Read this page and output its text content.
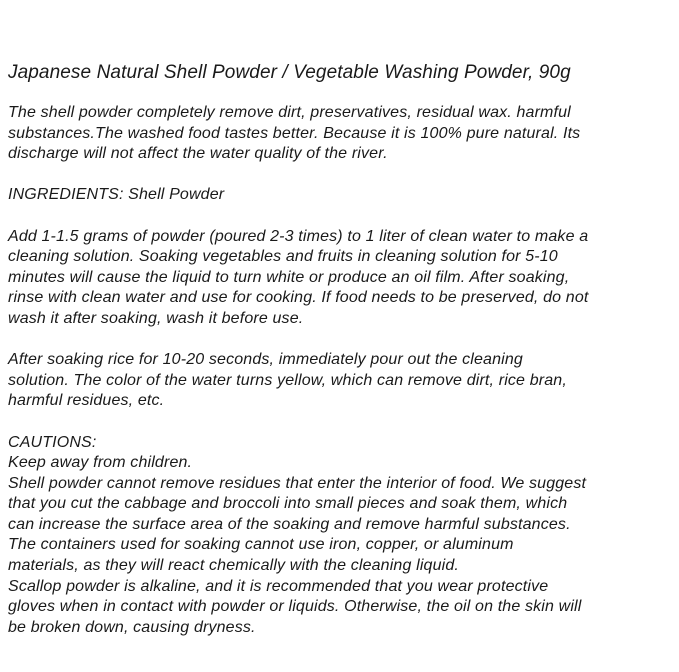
Japanese Natural Shell Powder / Vegetable Washing Powder, 90g
The shell powder completely remove dirt, preservatives, residual wax. harmful
substances.The washed food tastes better. Because it is 100% pure natural. Its
discharge will not affect the water quality of the river.
INGREDIENTS: Shell Powder
Add 1-1.5 grams of powder (poured 2-3 times) to 1 liter of clean water to make a
cleaning solution. Soaking vegetables and fruits in cleaning solution for 5-10
minutes will cause the liquid to turn white or produce an oil film. After soaking,
rinse with clean water and use for cooking. If food needs to be preserved, do not
wash it after soaking, wash it before use.
After soaking rice for 10-20 seconds, immediately pour out the cleaning
solution. The color of the water turns yellow, which can remove dirt, rice bran,
harmful residues, etc.
CAUTIONS:
Keep away from children.
Shell powder cannot remove residues that enter the interior of food. We suggest
that you cut the cabbage and broccoli into small pieces and soak them, which
can increase the surface area of the soaking and remove harmful substances.
The containers used for soaking cannot use iron, copper, or aluminum
materials, as they will react chemically with the cleaning liquid.
Scallop powder is alkaline, and it is recommended that you wear protective
gloves when in contact with powder or liquids. Otherwise, the oil on the skin will
be broken down, causing dryness.
